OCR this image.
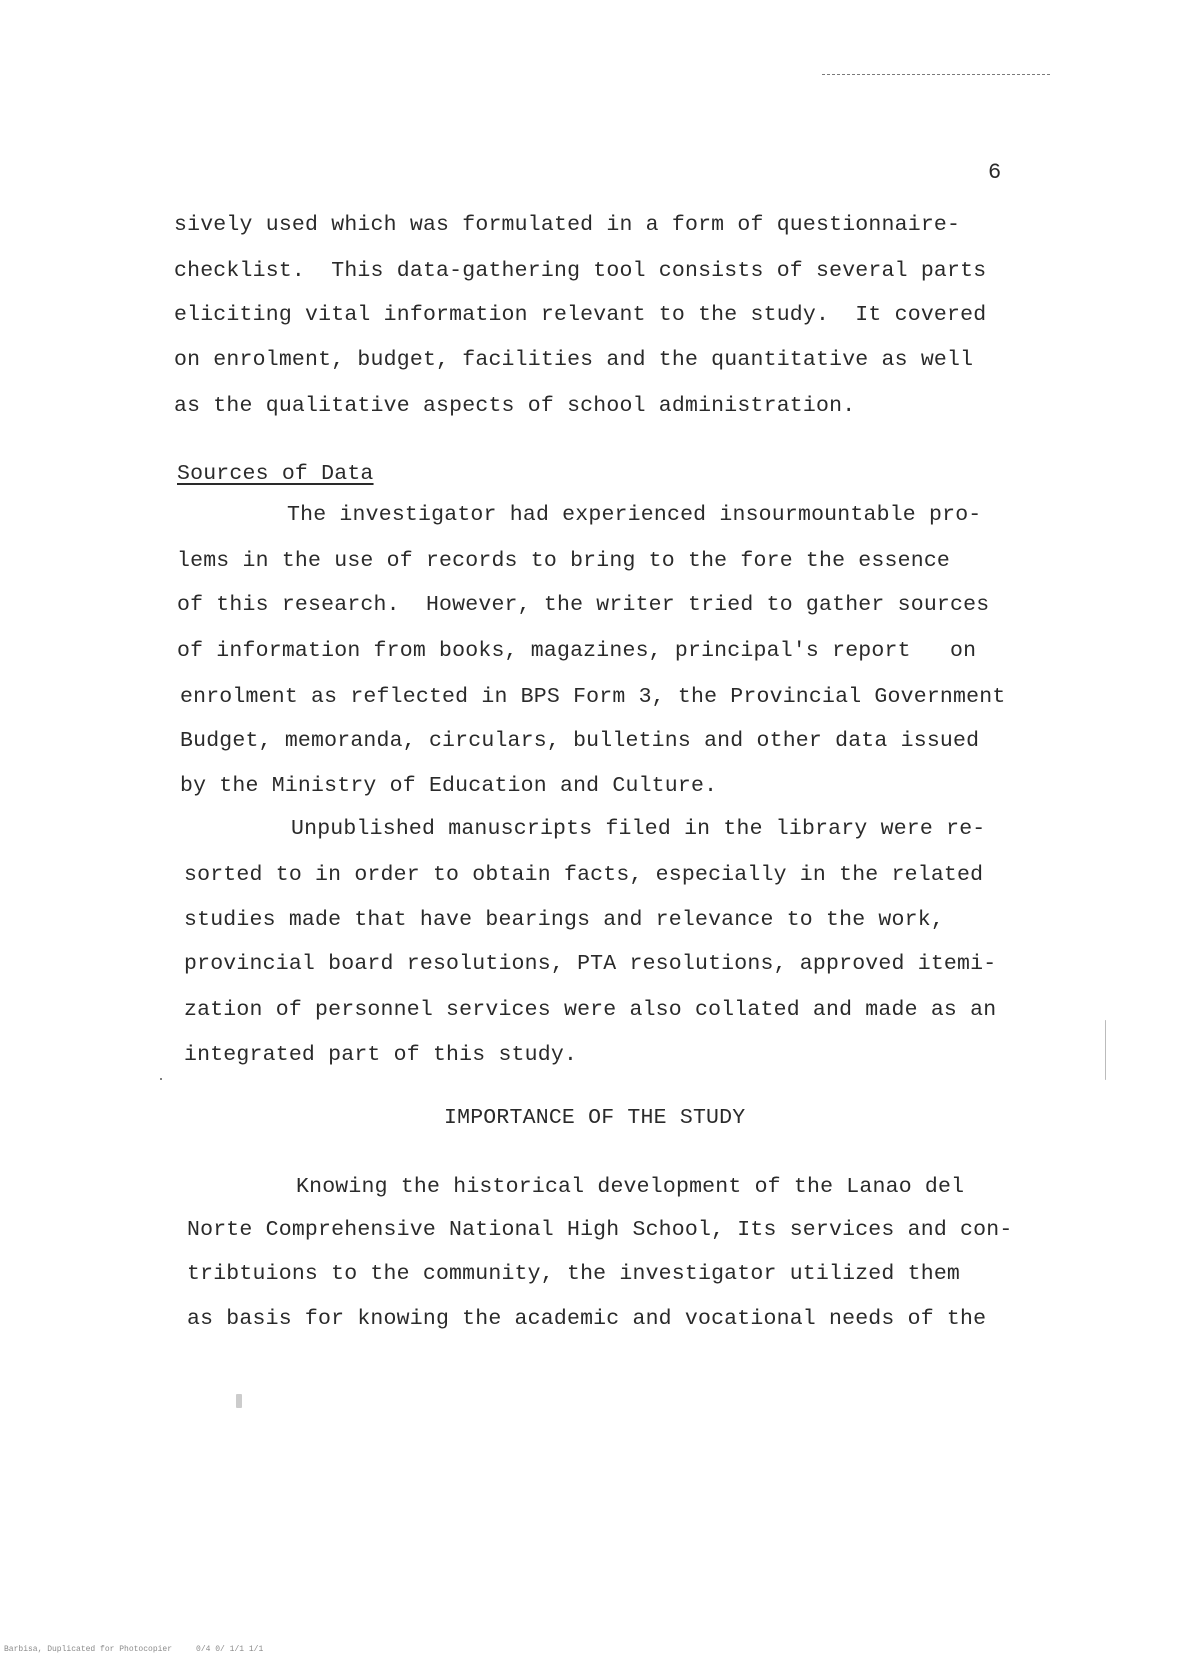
6
sively used which was formulated in a form of questionnaire-
checklist.  This data-gathering tool consists of several parts
eliciting vital information relevant to the study.  It covered
on enrolment, budget, facilities and the quantitative as well
as the qualitative aspects of school administration.
Sources of Data
The investigator had experienced insourmountable pro-
lems in the use of records to bring to the fore the essence
of this research.  However, the writer tried to gather sources
of information from books, magazines, principal's report   on
enrolment as reflected in BPS Form 3, the Provincial Government
Budget, memoranda, circulars, bulletins and other data issued
by the Ministry of Education and Culture.
Unpublished manuscripts filed in the library were re-
sorted to in order to obtain facts, especially in the related
studies made that have bearings and relevance to the work,
provincial board resolutions, PTA resolutions, approved itemi-
zation of personnel services were also collated and made as an
integrated part of this study.
IMPORTANCE OF THE STUDY
Knowing the historical development of the Lanao del
Norte Comprehensive National High School, Its services and con-
tribtuions to the community, the investigator utilized them
as basis for knowing the academic and vocational needs of the
Barbisa, Duplicated for Photocopier     0/4 0/ 1/1 1/1
